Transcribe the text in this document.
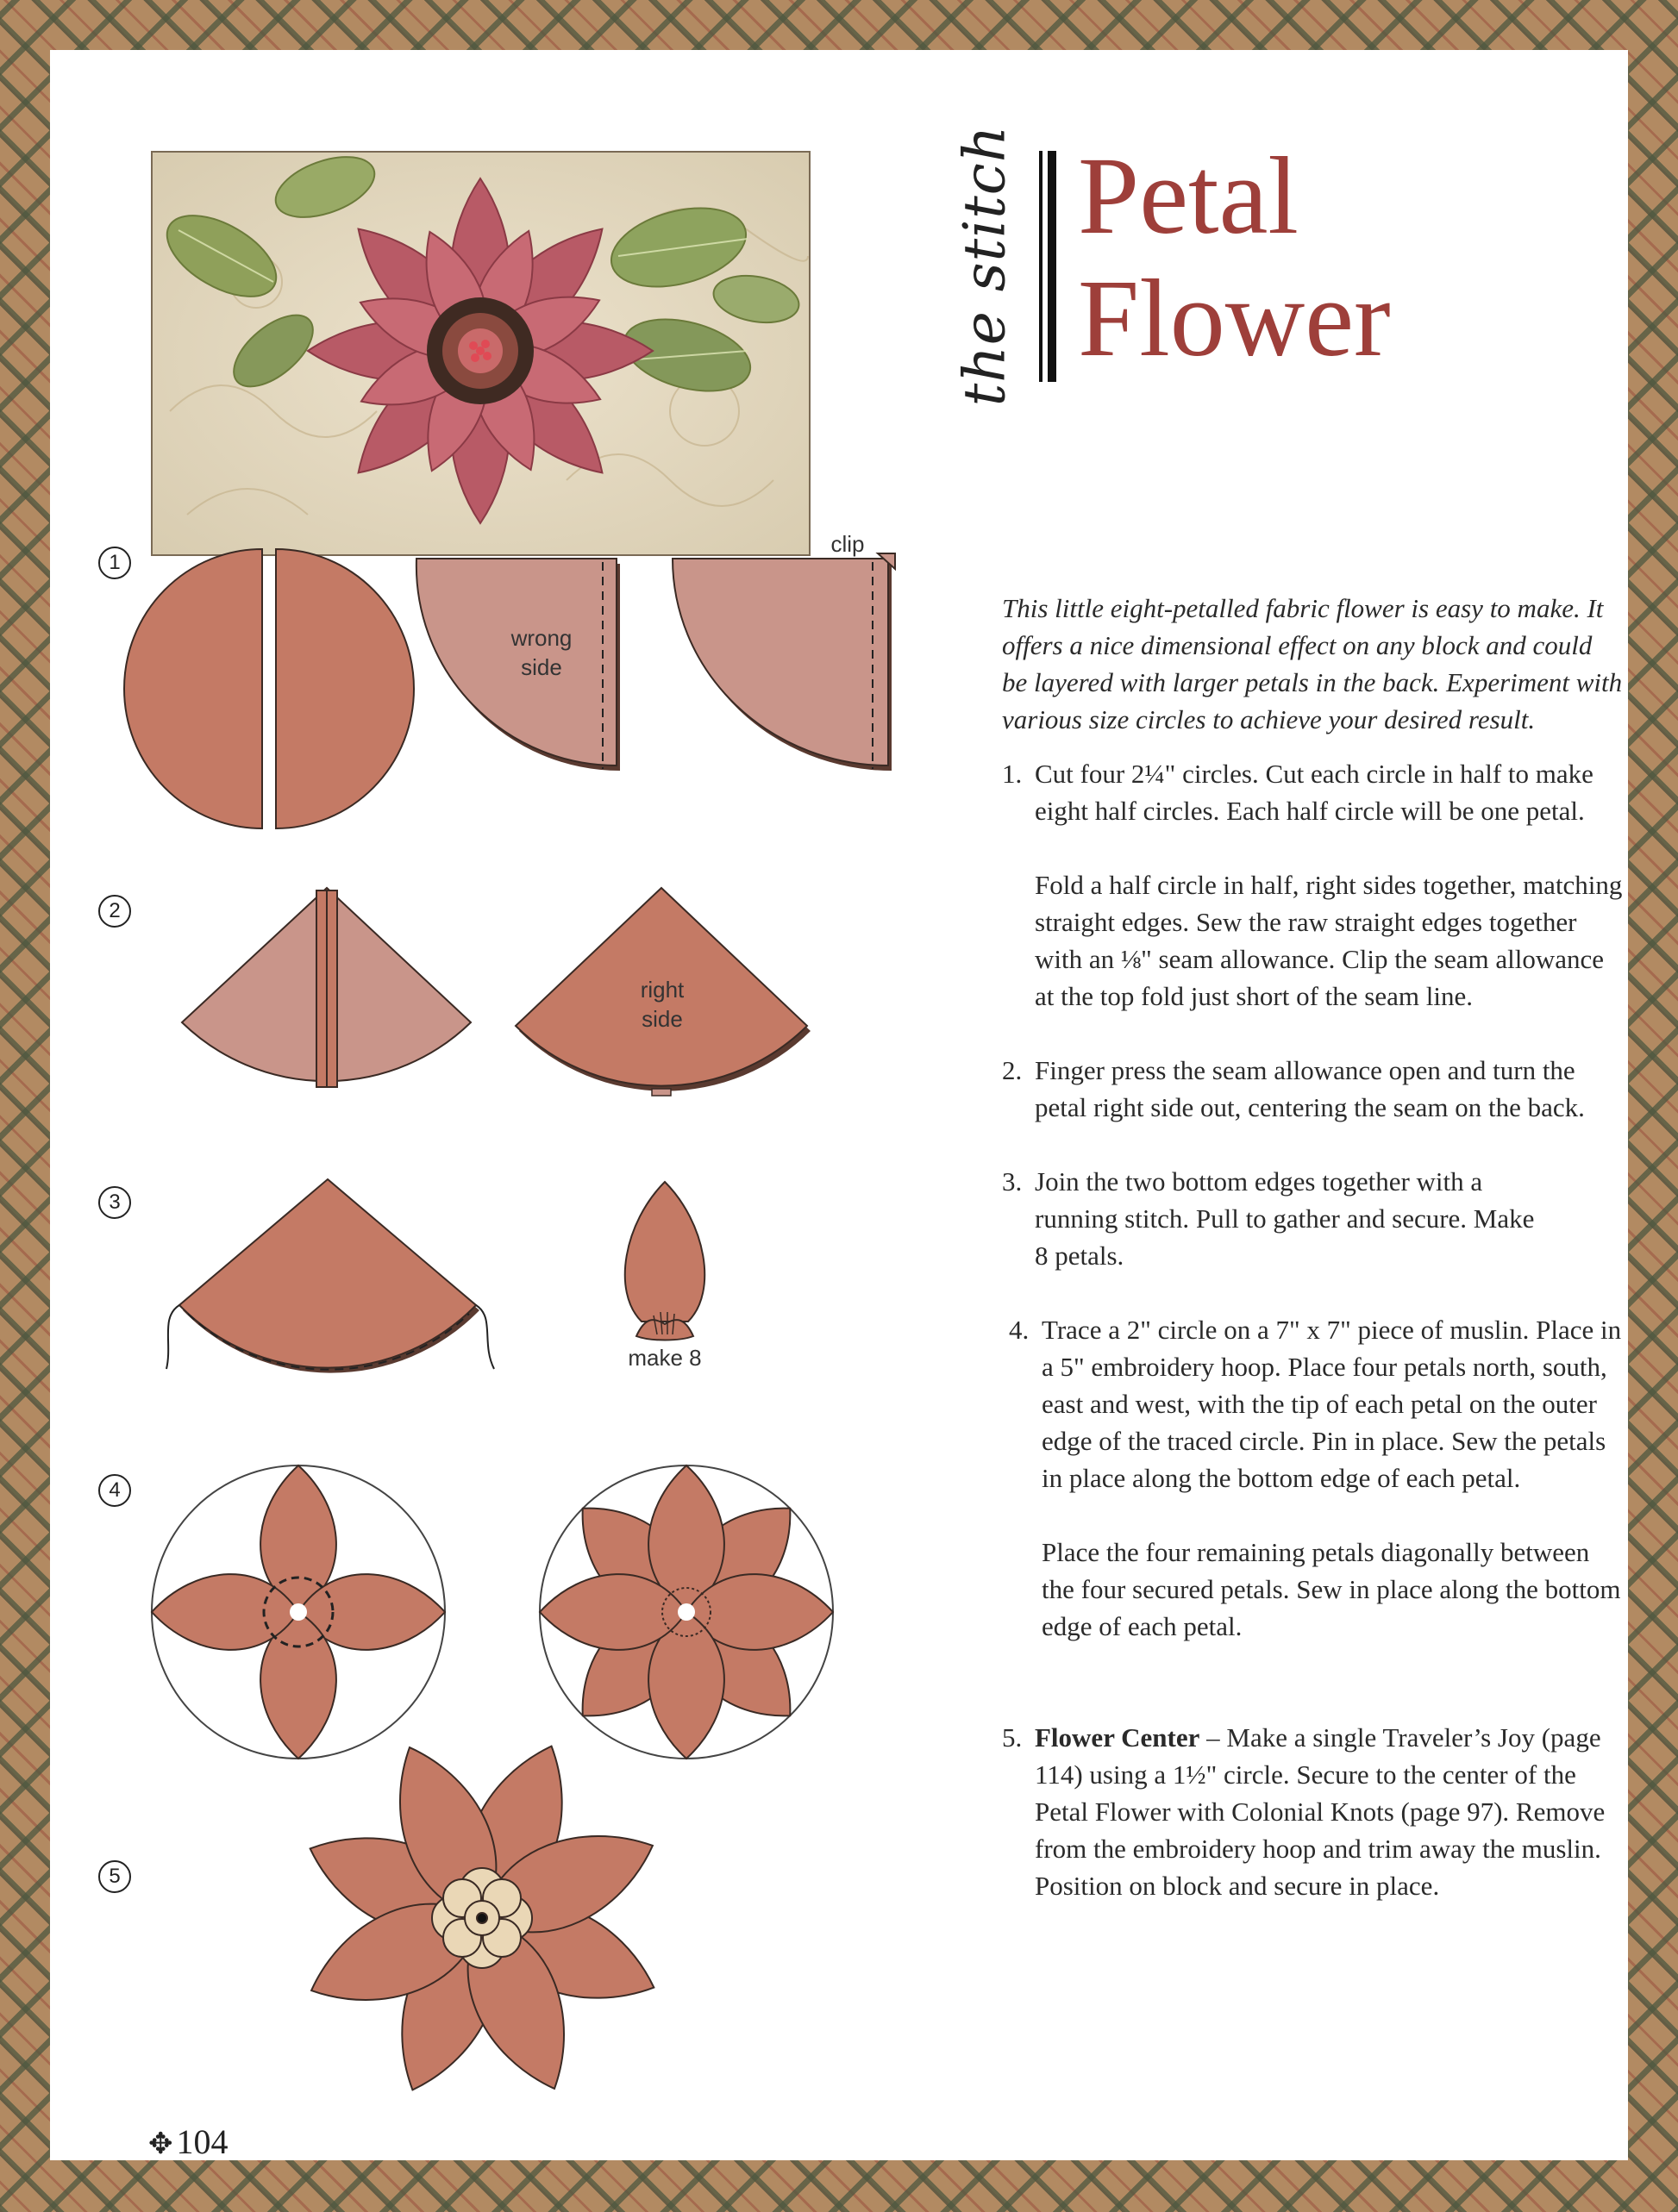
the stitch Petal
Flower
1
2
3
4
5
clip
wrong
side
right
side
make 8

This little eight-petalled fabric flower is easy to make. It offers a nice dimensional effect on any block and could be layered with larger petals in the back. Experiment with various size circles to achieve your desired result.

1. Cut four 2¼" circles. Cut each circle in half to make eight half circles. Each half circle will be one petal.

Fold a half circle in half, right sides together, matching straight edges. Sew the raw straight edges together with an ⅛" seam allowance. Clip the seam allowance at the top fold just short of the seam line.

2. Finger press the seam allowance open and turn the petal right side out, centering the seam on the back.

3. Join the two bottom edges together with a running stitch. Pull to gather and secure. Make 8 petals.

4. Trace a 2" circle on a 7" x 7" piece of muslin. Place in a 5" embroidery hoop. Place four petals north, south, east and west, with the tip of each petal on the outer edge of the traced circle. Pin in place. Sew the petals in place along the bottom edge of each petal.

Place the four remaining petals diagonally between the four secured petals. Sew in place along the bottom edge of each petal.

5. Flower Center – Make a single Traveler’s Joy (page 114) using a 1½" circle. Secure to the center of the Petal Flower with Colonial Knots (page 97). Remove from the embroidery hoop and trim away the muslin. Position on block and secure in place.

✥ 104
